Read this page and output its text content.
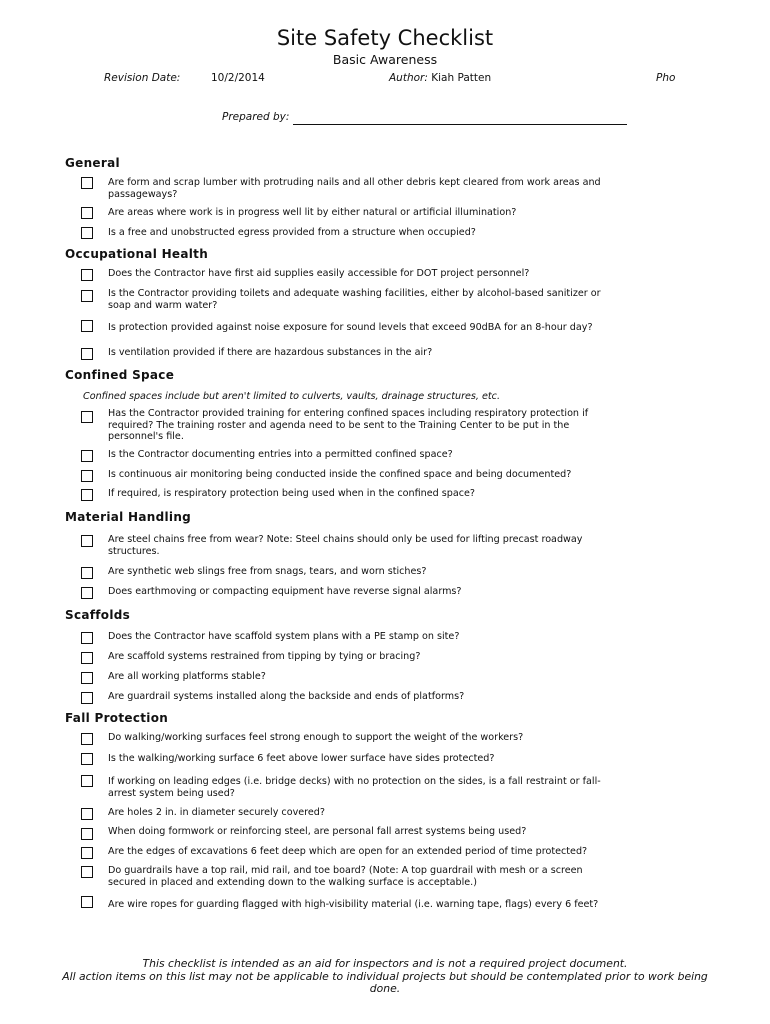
Site Safety Checklist
Basic Awareness
Revision Date:	10/2/2014	Author: Kiah Patten	Pho
Prepared by:
General
Are form and scrap lumber with protruding nails and all other debris kept cleared from work areas and
passageways?
Are areas where work is in progress well lit by either natural or artificial illumination?
Is a free and unobstructed egress provided from a structure when occupied?
Occupational Health
Does the Contractor have first aid supplies easily accessible for DOT project personnel?
Is the Contractor providing toilets and adequate washing facilities, either by alcohol-based sanitizer or
soap and warm water?
Is protection provided against noise exposure for sound levels that exceed 90dBA for an 8-hour day?
Is ventilation provided if there are hazardous substances in the air?
Confined Space
Confined spaces include but aren't limited to culverts, vaults, drainage structures, etc.
Has the Contractor provided training for entering confined spaces including respiratory protection if
required? The training roster and agenda need to be sent to the Training Center to be put in the
personnel's file.
Is the Contractor documenting entries into a permitted confined space?
Is continuous air monitoring being conducted inside the confined space and being documented?
If required, is respiratory protection being used when in the confined space?
Material Handling
Are steel chains free from wear? Note: Steel chains should only be used for lifting precast roadway
structures.
Are synthetic web slings free from snags, tears, and worn stiches?
Does earthmoving or compacting equipment have reverse signal alarms?
Scaffolds
Does the Contractor have scaffold system plans with a PE stamp on site?
Are scaffold systems restrained from tipping by tying or bracing?
Are all working platforms stable?
Are guardrail systems installed along the backside and ends of platforms?
Fall Protection
Do walking/working surfaces feel strong enough to support the weight of the workers?
Is the walking/working surface 6 feet above lower surface have sides protected?
If working on leading edges (i.e. bridge decks) with no protection on the sides, is a fall restraint or fall-
arrest system being used?
Are holes 2 in. in diameter securely covered?
When doing formwork or reinforcing steel, are personal fall arrest systems being used?
Are the edges of excavations 6 feet deep which are open for an extended period of time protected?
Do guardrails have a top rail, mid rail, and toe board? (Note: A top guardrail with mesh or a screen
secured in placed and extending down to the walking surface is acceptable.)
Are wire ropes for guarding flagged with high-visibility material (i.e. warning tape, flags) every 6 feet?
This checklist is intended as an aid for inspectors and is not a required project document.
All action items on this list may not be applicable to individual projects but should be contemplated prior to work being done.
